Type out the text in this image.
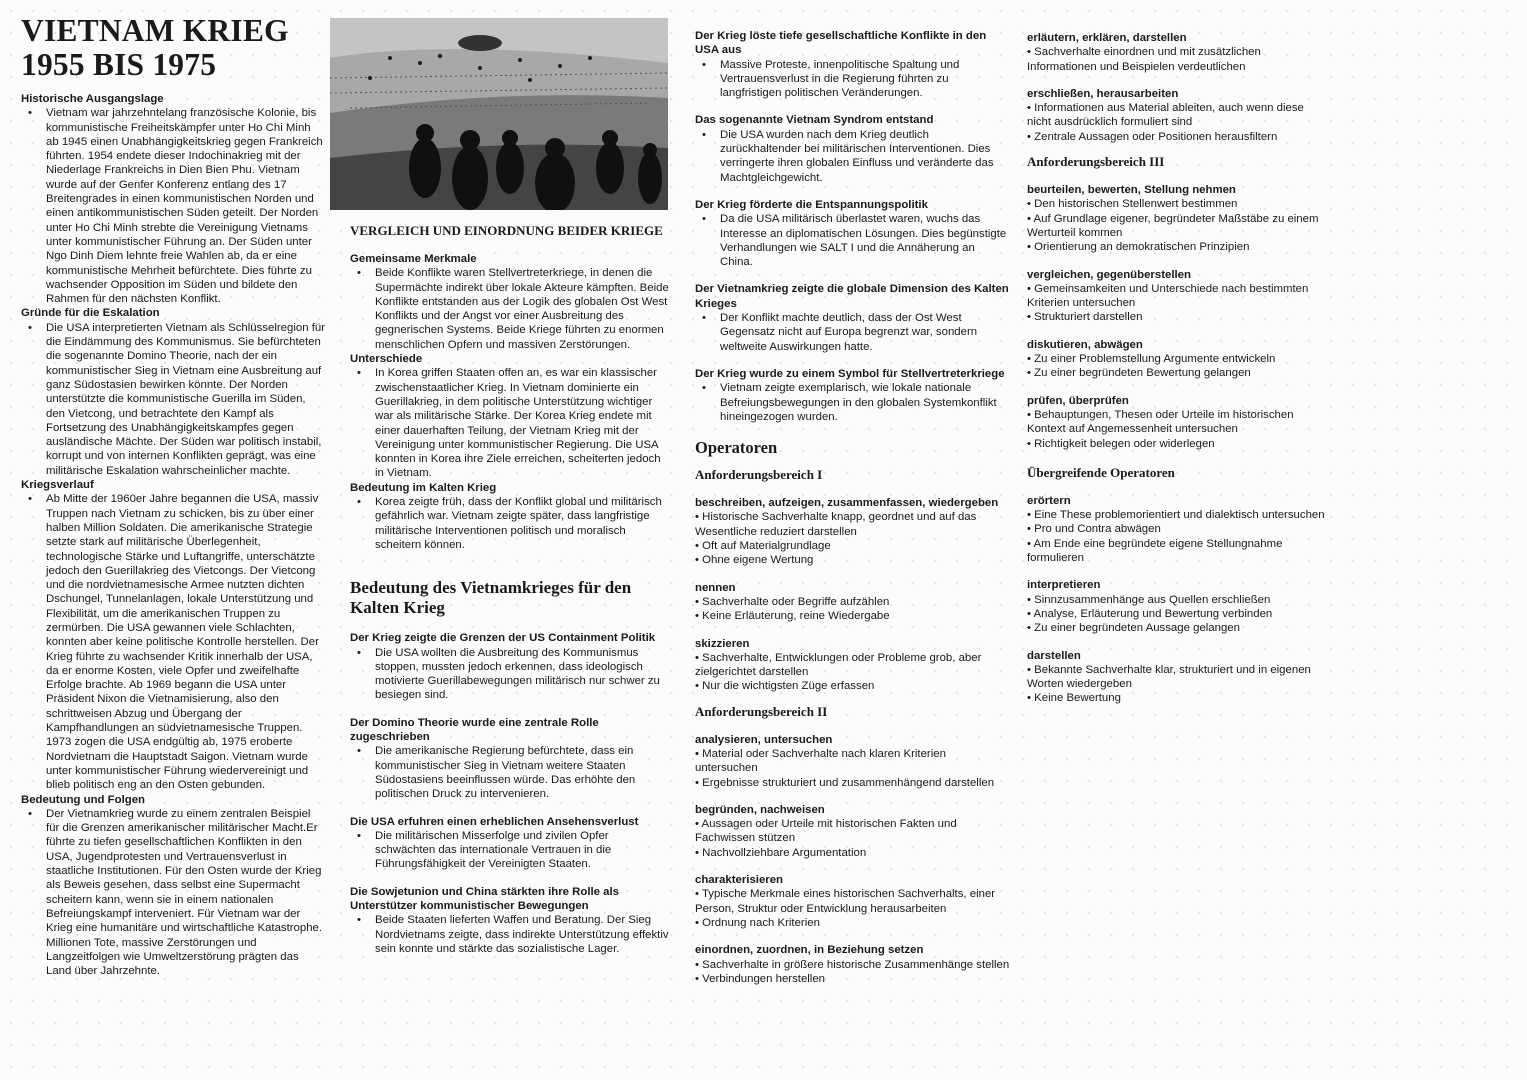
VIETNAM KRIEG
1955 BIS 1975

Historische Ausgangslage

• Vietnam war jahrzehntelang französische Kolonie, bis kommunistische Freiheitskämpfer unter Ho Chi Minh ab 1945 einen Unabhängigkeitskrieg gegen Frankreich führten. 1954 endete dieser Indochinakrieg mit der Niederlage Frankreichs in Dien Bien Phu. Vietnam wurde auf der Genfer Konferenz entlang des 17 Breitengrades in einen kommunistischen Norden und einen antikommunistischen Süden geteilt. Der Norden unter Ho Chi Minh strebte die Vereinigung Vietnams unter kommunistischer Führung an. Der Süden unter Ngo Dinh Diem lehnte freie Wahlen ab, da er eine kommunistische Mehrheit befürchtete. Dies führte zu wachsender Opposition im Süden und bildete den Rahmen für den nächsten Konflikt.

Gründe für die Eskalation

• Die USA interpretierten Vietnam als Schlüsselregion für die Eindämmung des Kommunismus. Sie befürchteten die sogenannte Domino Theorie, nach der ein kommunistischer Sieg in Vietnam eine Ausbreitung auf ganz Südostasien bewirken könnte. Der Norden unterstützte die kommunistische Guerilla im Süden, den Vietcong, und betrachtete den Kampf als Fortsetzung des Unabhängigkeitskampfes gegen ausländische Mächte. Der Süden war politisch instabil, korrupt und von internen Konflikten geprägt, was eine militärische Eskalation wahrscheinlicher machte.

Kriegsverlauf

• Ab Mitte der 1960er Jahre begannen die USA, massiv Truppen nach Vietnam zu schicken, bis zu über einer halben Million Soldaten. Die amerikanische Strategie setzte stark auf militärische Überlegenheit, technologische Stärke und Luftangriffe, unterschätzte jedoch den Guerillakrieg des Vietcongs. Der Vietcong und die nordvietnamesische Armee nutzten dichten Dschungel, Tunnelanlagen, lokale Unterstützung und Flexibilität, um die amerikanischen Truppen zu zermürben. Die USA gewannen viele Schlachten, konnten aber keine politische Kontrolle herstellen. Der Krieg führte zu wachsender Kritik innerhalb der USA, da er enorme Kosten, viele Opfer und zweifelhafte Erfolge brachte. Ab 1969 begann die USA unter Präsident Nixon die Vietnamisierung, also den schrittweisen Abzug und Übergang der Kampfhandlungen an südvietnamesische Truppen. 1973 zogen die USA endgültig ab, 1975 eroberte Nordvietnam die Hauptstadt Saigon. Vietnam wurde unter kommunistischer Führung wiedervereinigt und blieb politisch eng an den Osten gebunden.

Bedeutung und Folgen

• Der Vietnamkrieg wurde zu einem zentralen Beispiel für die Grenzen amerikanischer militärischer Macht.Er führte zu tiefen gesellschaftlichen Konflikten in den USA, Jugendprotesten und Vertrauensverlust in staatliche Institutionen. Für den Osten wurde der Krieg als Beweis gesehen, dass selbst eine Supermacht scheitern kann, wenn sie in einem nationalen Befreiungskampf interveniert. Für Vietnam war der Krieg eine humanitäre und wirtschaftliche Katastrophe. Millionen Tote, massive Zerstörungen und Langzeitfolgen wie Umweltzerstörung prägten das Land über Jahrzehnte.

VERGLEICH UND EINORDNUNG BEIDER KRIEGE

Gemeinsame Merkmale

• Beide Konflikte waren Stellvertreterkriege, in denen die Supermächte indirekt über lokale Akteure kämpften. Beide Konflikte entstanden aus der Logik des globalen Ost West Konflikts und der Angst vor einer Ausbreitung des gegnerischen Systems. Beide Kriege führten zu enormen menschlichen Opfern und massiven Zerstörungen.

Unterschiede

• In Korea griffen Staaten offen an, es war ein klassischer zwischenstaatlicher Krieg. In Vietnam dominierte ein Guerillakrieg, in dem politische Unterstützung wichtiger war als militärische Stärke. Der Korea Krieg endete mit einer dauerhaften Teilung, der Vietnam Krieg mit der Vereinigung unter kommunistischer Regierung. Die USA konnten in Korea ihre Ziele erreichen, scheiterten jedoch in Vietnam.

Bedeutung im Kalten Krieg

• Korea zeigte früh, dass der Konflikt global und militärisch gefährlich war. Vietnam zeigte später, dass langfristige militärische Interventionen politisch und moralisch scheitern können.

Bedeutung des Vietnamkrieges für den Kalten Krieg

Der Krieg zeigte die Grenzen der US Containment Politik

• Die USA wollten die Ausbreitung des Kommunismus stoppen, mussten jedoch erkennen, dass ideologisch motivierte Guerillabewegungen militärisch nur schwer zu besiegen sind.

Der Domino Theorie wurde eine zentrale Rolle zugeschrieben

• Die amerikanische Regierung befürchtete, dass ein kommunistischer Sieg in Vietnam weitere Staaten Südostasiens beeinflussen würde. Das erhöhte den politischen Druck zu intervenieren.

Die USA erfuhren einen erheblichen Ansehensverlust

• Die militärischen Misserfolge und zivilen Opfer schwächten das internationale Vertrauen in die Führungsfähigkeit der Vereinigten Staaten.

Die Sowjetunion und China stärkten ihre Rolle als Unterstützer kommunistischer Bewegungen

• Beide Staaten lieferten Waffen und Beratung. Der Sieg Nordvietnams zeigte, dass indirekte Unterstützung effektiv sein konnte und stärkte das sozialistische Lager.

Der Krieg löste tiefe gesellschaftliche Konflikte in den USA aus

• Massive Proteste, innenpolitische Spaltung und Vertrauensverlust in die Regierung führten zu langfristigen politischen Veränderungen.

Das sogenannte Vietnam Syndrom entstand

• Die USA wurden nach dem Krieg deutlich zurückhaltender bei militärischen Interventionen. Dies verringerte ihren globalen Einfluss und veränderte das Machtgleichgewicht.

Der Krieg förderte die Entspannungspolitik

• Da die USA militärisch überlastet waren, wuchs das Interesse an diplomatischen Lösungen. Dies begünstigte Verhandlungen wie SALT I und die Annäherung an China.

Der Vietnamkrieg zeigte die globale Dimension des Kalten Krieges

• Der Konflikt machte deutlich, dass der Ost West Gegensatz nicht auf Europa begrenzt war, sondern weltweite Auswirkungen hatte.

Der Krieg wurde zu einem Symbol für Stellvertreterkriege

• Vietnam zeigte exemplarisch, wie lokale nationale Befreiungsbewegungen in den globalen Systemkonflikt hineingezogen wurden.

Operatoren

Anforderungsbereich I

beschreiben, aufzeigen, zusammenfassen, wiedergeben

• Historische Sachverhalte knapp, geordnet und auf das Wesentliche reduziert darstellen

• Oft auf Materialgrundlage

• Ohne eigene Wertung

nennen

• Sachverhalte oder Begriffe aufzählen

• Keine Erläuterung, reine Wiedergabe

skizzieren

• Sachverhalte, Entwicklungen oder Probleme grob, aber zielgerichtet darstellen

• Nur die wichtigsten Züge erfassen

Anforderungsbereich II

analysieren, untersuchen

• Material oder Sachverhalte nach klaren Kriterien untersuchen

• Ergebnisse strukturiert und zusammenhängend darstellen

begründen, nachweisen

• Aussagen oder Urteile mit historischen Fakten und Fachwissen stützen

• Nachvollziehbare Argumentation

charakterisieren

• Typische Merkmale eines historischen Sachverhalts, einer Person, Struktur oder Entwicklung herausarbeiten

• Ordnung nach Kriterien

einordnen, zuordnen, in Beziehung setzen

• Sachverhalte in größere historische Zusammenhänge stellen

• Verbindungen herstellen

erläutern, erklären, darstellen

• Sachverhalte einordnen und mit zusätzlichen Informationen und Beispielen verdeutlichen

erschließen, herausarbeiten

• Informationen aus Material ableiten, auch wenn diese nicht ausdrücklich formuliert sind

• Zentrale Aussagen oder Positionen herausfiltern

Anforderungsbereich III

beurteilen, bewerten, Stellung nehmen

• Den historischen Stellenwert bestimmen

• Auf Grundlage eigener, begründeter Maßstäbe zu einem Werturteil kommen

• Orientierung an demokratischen Prinzipien

vergleichen, gegenüberstellen

• Gemeinsamkeiten und Unterschiede nach bestimmten Kriterien untersuchen

• Strukturiert darstellen

diskutieren, abwägen

• Zu einer Problemstellung Argumente entwickeln

• Zu einer begründeten Bewertung gelangen

prüfen, überprüfen

• Behauptungen, Thesen oder Urteile im historischen Kontext auf Angemessenheit untersuchen

• Richtigkeit belegen oder widerlegen

Übergreifende Operatoren

erörtern

• Eine These problemorientiert und dialektisch untersuchen

• Pro und Contra abwägen

• Am Ende eine begründete eigene Stellungnahme formulieren

interpretieren

• Sinnzusammenhänge aus Quellen erschließen

• Analyse, Erläuterung und Bewertung verbinden

• Zu einer begründeten Aussage gelangen

darstellen

• Bekannte Sachverhalte klar, strukturiert und in eigenen Worten wiedergeben

• Keine Bewertung
